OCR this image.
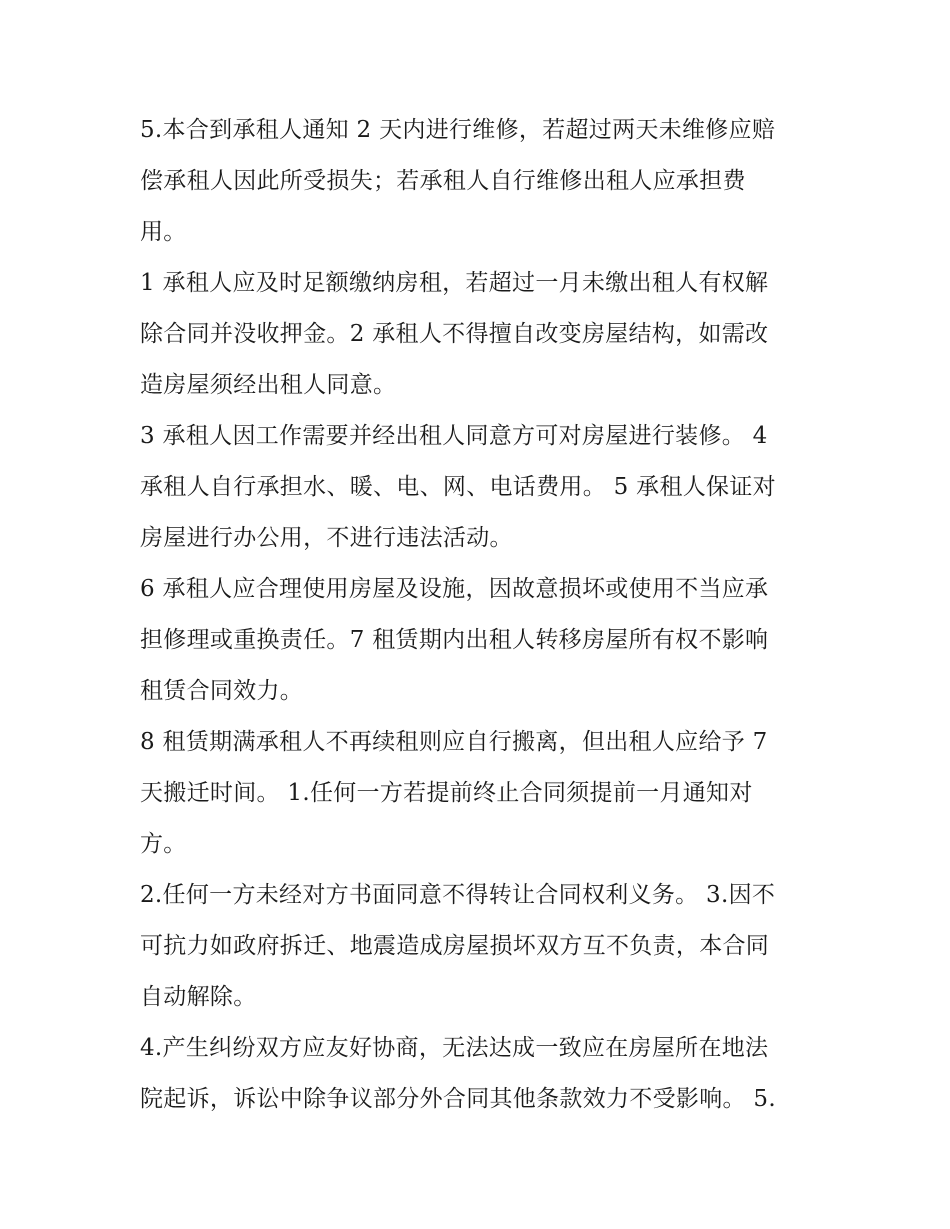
5.本合到承租人通知 2 天内进行维修，若超过两天未维修应赔
偿承租人因此所受损失；若承租人自行维修出租人应承担费
用。
1 承租人应及时足额缴纳房租，若超过一月未缴出租人有权解
除合同并没收押金。2 承租人不得擅自改变房屋结构，如需改
造房屋须经出租人同意。
3 承租人因工作需要并经出租人同意方可对房屋进行装修。 4
承租人自行承担水、暖、电、网、电话费用。 5 承租人保证对
房屋进行办公用，不进行违法活动。
6 承租人应合理使用房屋及设施，因故意损坏或使用不当应承
担修理或重换责任。7 租赁期内出租人转移房屋所有权不影响
租赁合同效力。
8 租赁期满承租人不再续租则应自行搬离，但出租人应给予 7
天搬迁时间。 1.任何一方若提前终止合同须提前一月通知对
方。
2.任何一方未经对方书面同意不得转让合同权利义务。 3.因不
可抗力如政府拆迁、地震造成房屋损坏双方互不负责，本合同
自动解除。
4.产生纠纷双方应友好协商，无法达成一致应在房屋所在地法
院起诉，诉讼中除争议部分外合同其他条款效力不受影响。 5.
